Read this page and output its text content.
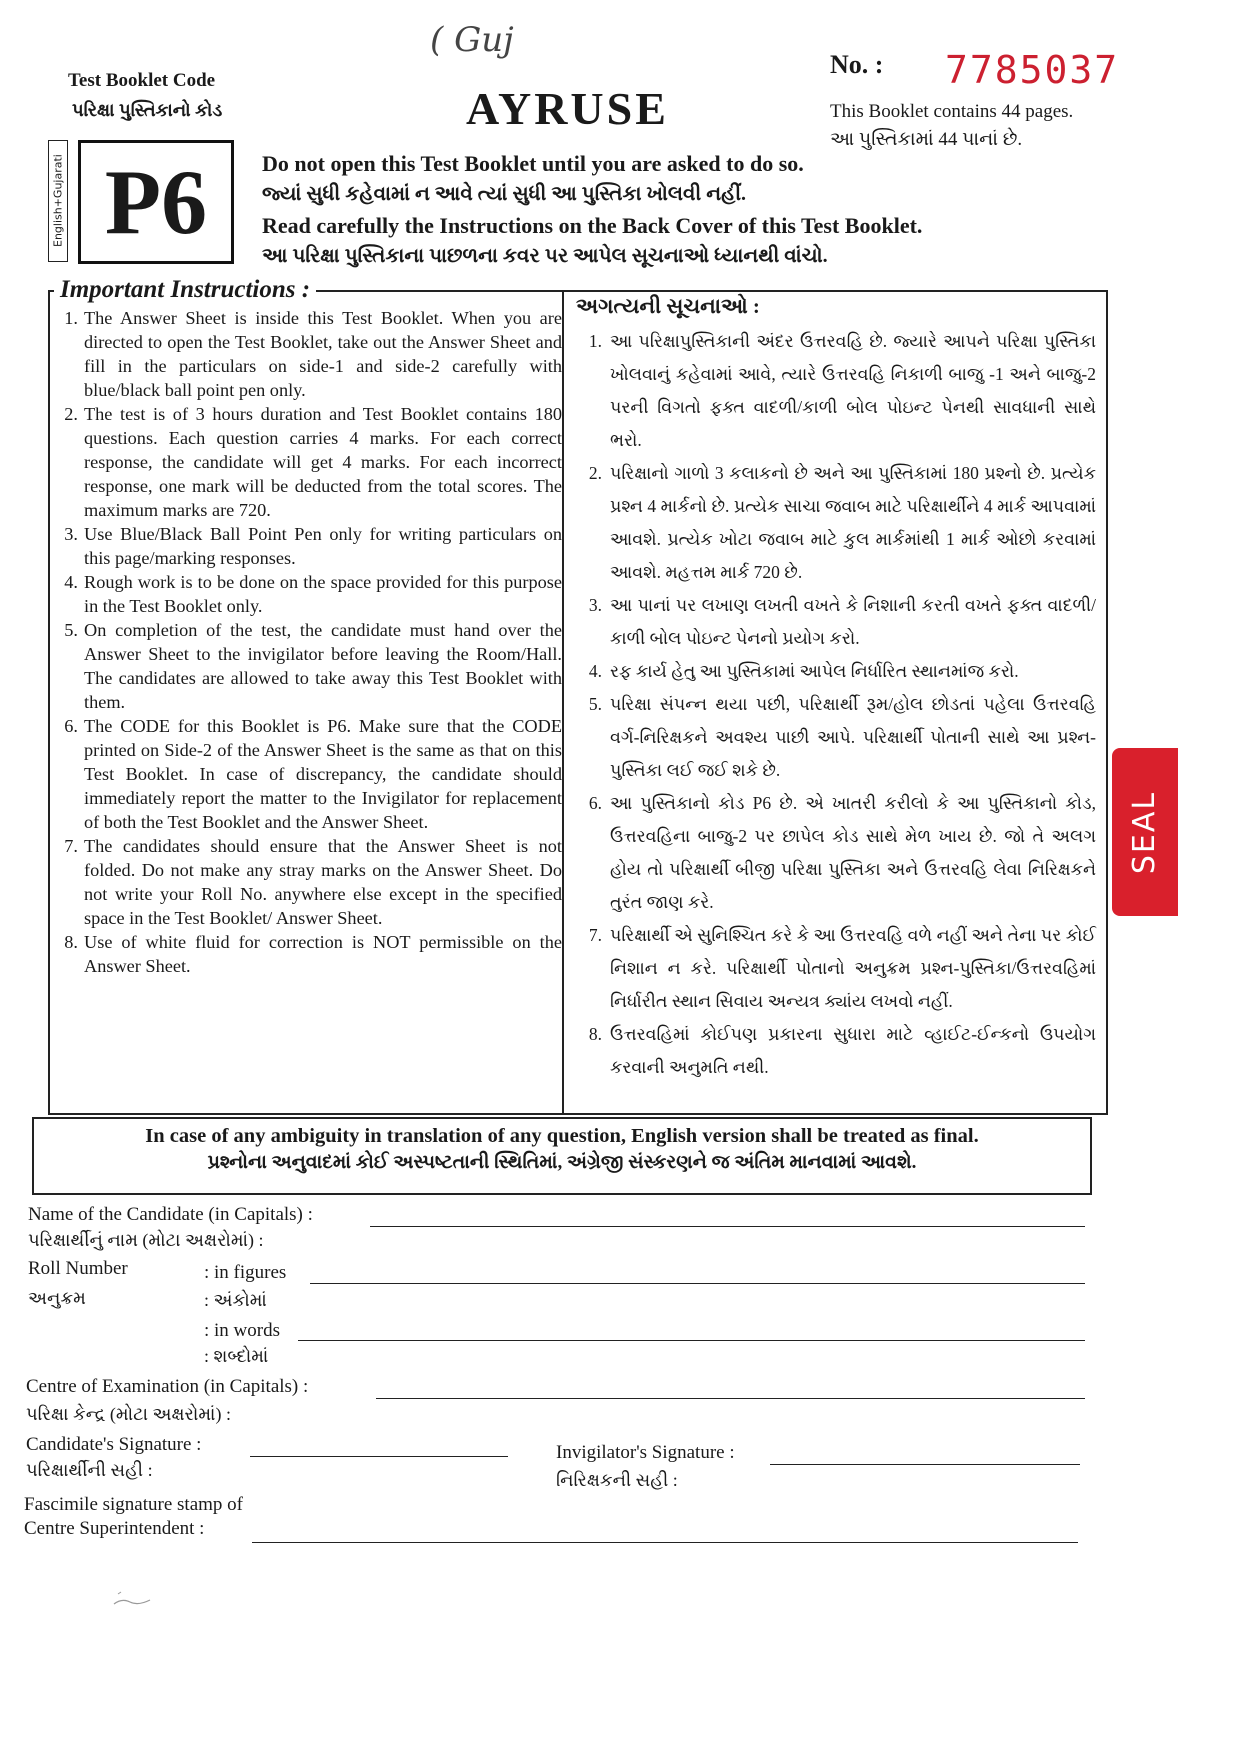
( Guj
Test Booklet Code
પરિક્ષા પુસ્તિકાનો કોડ	AYRUSE
No. : 7785037
This Booklet contains 44 pages.
આ પુસ્તિકામાં 44 પાનાં છે.
English+Gujarati P6	Do not open this Test Booklet until you are asked to do so.
જ્યાં સુધી કહેવામાં ન આવે ત્યાં સુધી આ પુસ્તિકા ખોલવી નહીં.
Read carefully the Instructions on the Back Cover of this Test Booklet.
આ પરિક્ષા પુસ્તિકાના પાછળના કવર પર આપેલ સૂચનાઓ ધ્યાનથી વાંચો.
Important Instructions :
1. The Answer Sheet is inside this Test Booklet. When you are directed to open the Test Booklet, take out the Answer Sheet and fill in the particulars on side-1 and side-2 carefully with blue/black ball point pen only.
2. The test is of 3 hours duration and Test Booklet contains 180 questions. Each question carries 4 marks. For each correct response, the candidate will get 4 marks. For each incorrect response, one mark will be deducted from the total scores. The maximum marks are 720.
3. Use Blue/Black Ball Point Pen only for writing particulars on this page/marking responses.
4. Rough work is to be done on the space provided for this purpose in the Test Booklet only.
5. On completion of the test, the candidate must hand over the Answer Sheet to the invigilator before leaving the Room/Hall. The candidates are allowed to take away this Test Booklet with them.
6. The CODE for this Booklet is P6. Make sure that the CODE printed on Side-2 of the Answer Sheet is the same as that on this Test Booklet. In case of discrepancy, the candidate should immediately report the matter to the Invigilator for replacement of both the Test Booklet and the Answer Sheet.
7. The candidates should ensure that the Answer Sheet is not folded. Do not make any stray marks on the Answer Sheet. Do not write your Roll No. anywhere else except in the specified space in the Test Booklet/ Answer Sheet.
8. Use of white fluid for correction is NOT permissible on the Answer Sheet.
અગત્યની સૂચનાઓ :
1. આ પરિક્ષાપુસ્તિકાની અંદર ઉત્તરવહિ છે. જ્યારે આપને પરિક્ષા પુસ્તિકા ખોલવાનું કહેવામાં આવે, ત્યારે ઉત્તરવહિ નિકાળી બાજુ -1 અને બાજુ-2 પરની વિગતો ફક્ત વાદળી/કાળી બોલ પોઇન્ટ પેનથી સાવધાની સાથે ભરો.
2. પરિક્ષાનો ગાળો 3 કલાકનો છે અને આ પુસ્તિકામાં 180 પ્રશ્નો છે. પ્રત્યેક પ્રશ્ન 4 માર્કનો છે. પ્રત્યેક સાચા જવાબ માટે પરિક્ષાર્થીને 4 માર્ક આપવામાં આવશે. પ્રત્યેક ખોટા જવાબ માટે કુલ માર્કમાંથી 1 માર્ક ઓછો કરવામાં આવશે. મહત્તમ માર્ક 720 છે.
3. આ પાનાં પર લખાણ લખતી વખતે કે નિશાની કરતી વખતે ફક્ત વાદળી/કાળી બોલ પોઇન્ટ પેનનો પ્રયોગ કરો.
4. રફ કાર્ય હેતુ આ પુસ્તિકામાં આપેલ નિર્ધારિત સ્થાનમાંજ કરો.
5. પરિક્ષા સંપન્ન થયા પછી, પરિક્ષાર્થી રૂમ/હોલ છોડતાં પહેલા ઉત્તરવહિ વર્ગ-નિરિક્ષકને અવશ્ય પાછી આપે. પરિક્ષાર્થી પોતાની સાથે આ પ્રશ્ન-પુસ્તિકા લઈ જઈ શકે છે.
6. આ પુસ્તિકાનો કોડ P6 છે. એ ખાતરી કરીલો કે આ પુસ્તિકાનો કોડ, ઉત્તરવહિના બાજુ-2 પર છાપેલ કોડ સાથે મેળ ખાય છે. જો તે અલગ હોય તો પરિક્ષાર્થી બીજી પરિક્ષા પુસ્તિકા અને ઉત્તરવહિ લેવા નિરિક્ષકને તુરંત જાણ કરે.
7. પરિક્ષાર્થી એ સુનિશ્ચિત કરે કે આ ઉત્તરવહિ વળે નહીં અને તેના પર કોઈ નિશાન ન કરે. પરિક્ષાર્થી પોતાનો અનુક્રમ પ્રશ્ન-પુસ્તિકા/ઉત્તરવહિમાં નિર્ધારીત સ્થાન સિવાય અન્યત્ર ક્યાંય લખવો નહીં.
8. ઉત્તરવહિમાં કોઈપણ પ્રકારના સુધારા માટે વ્હાઈટ-ઈન્કનો ઉપયોગ કરવાની અનુમતિ નથી.
In case of any ambiguity in translation of any question, English version shall be treated as final.
પ્રશ્નોના અનુવાદમાં કોઈ અસ્પષ્ટતાની સ્થિતિમાં, અંગ્રેજી સંસ્કરણને જ અંતિમ માનવામાં આવશે.
Name of the Candidate (in Capitals) :
પરિક્ષાર્થીનું નામ (મોટા અક્ષરોમાં) :
Roll Number	: in figures
અનુક્રમ	: અંકોમાં
: in words
: શબ્દોમાં
Centre of Examination (in Capitals) :
પરિક્ષા કેન્દ્ર (મોટા અક્ષરોમાં) :
Candidate's Signature :
પરિક્ષાર્થીની સહી :
Invigilator's Signature :
નિરિક્ષકની સહી :
Fascimile signature stamp of
Centre Superintendent :
SEAL
